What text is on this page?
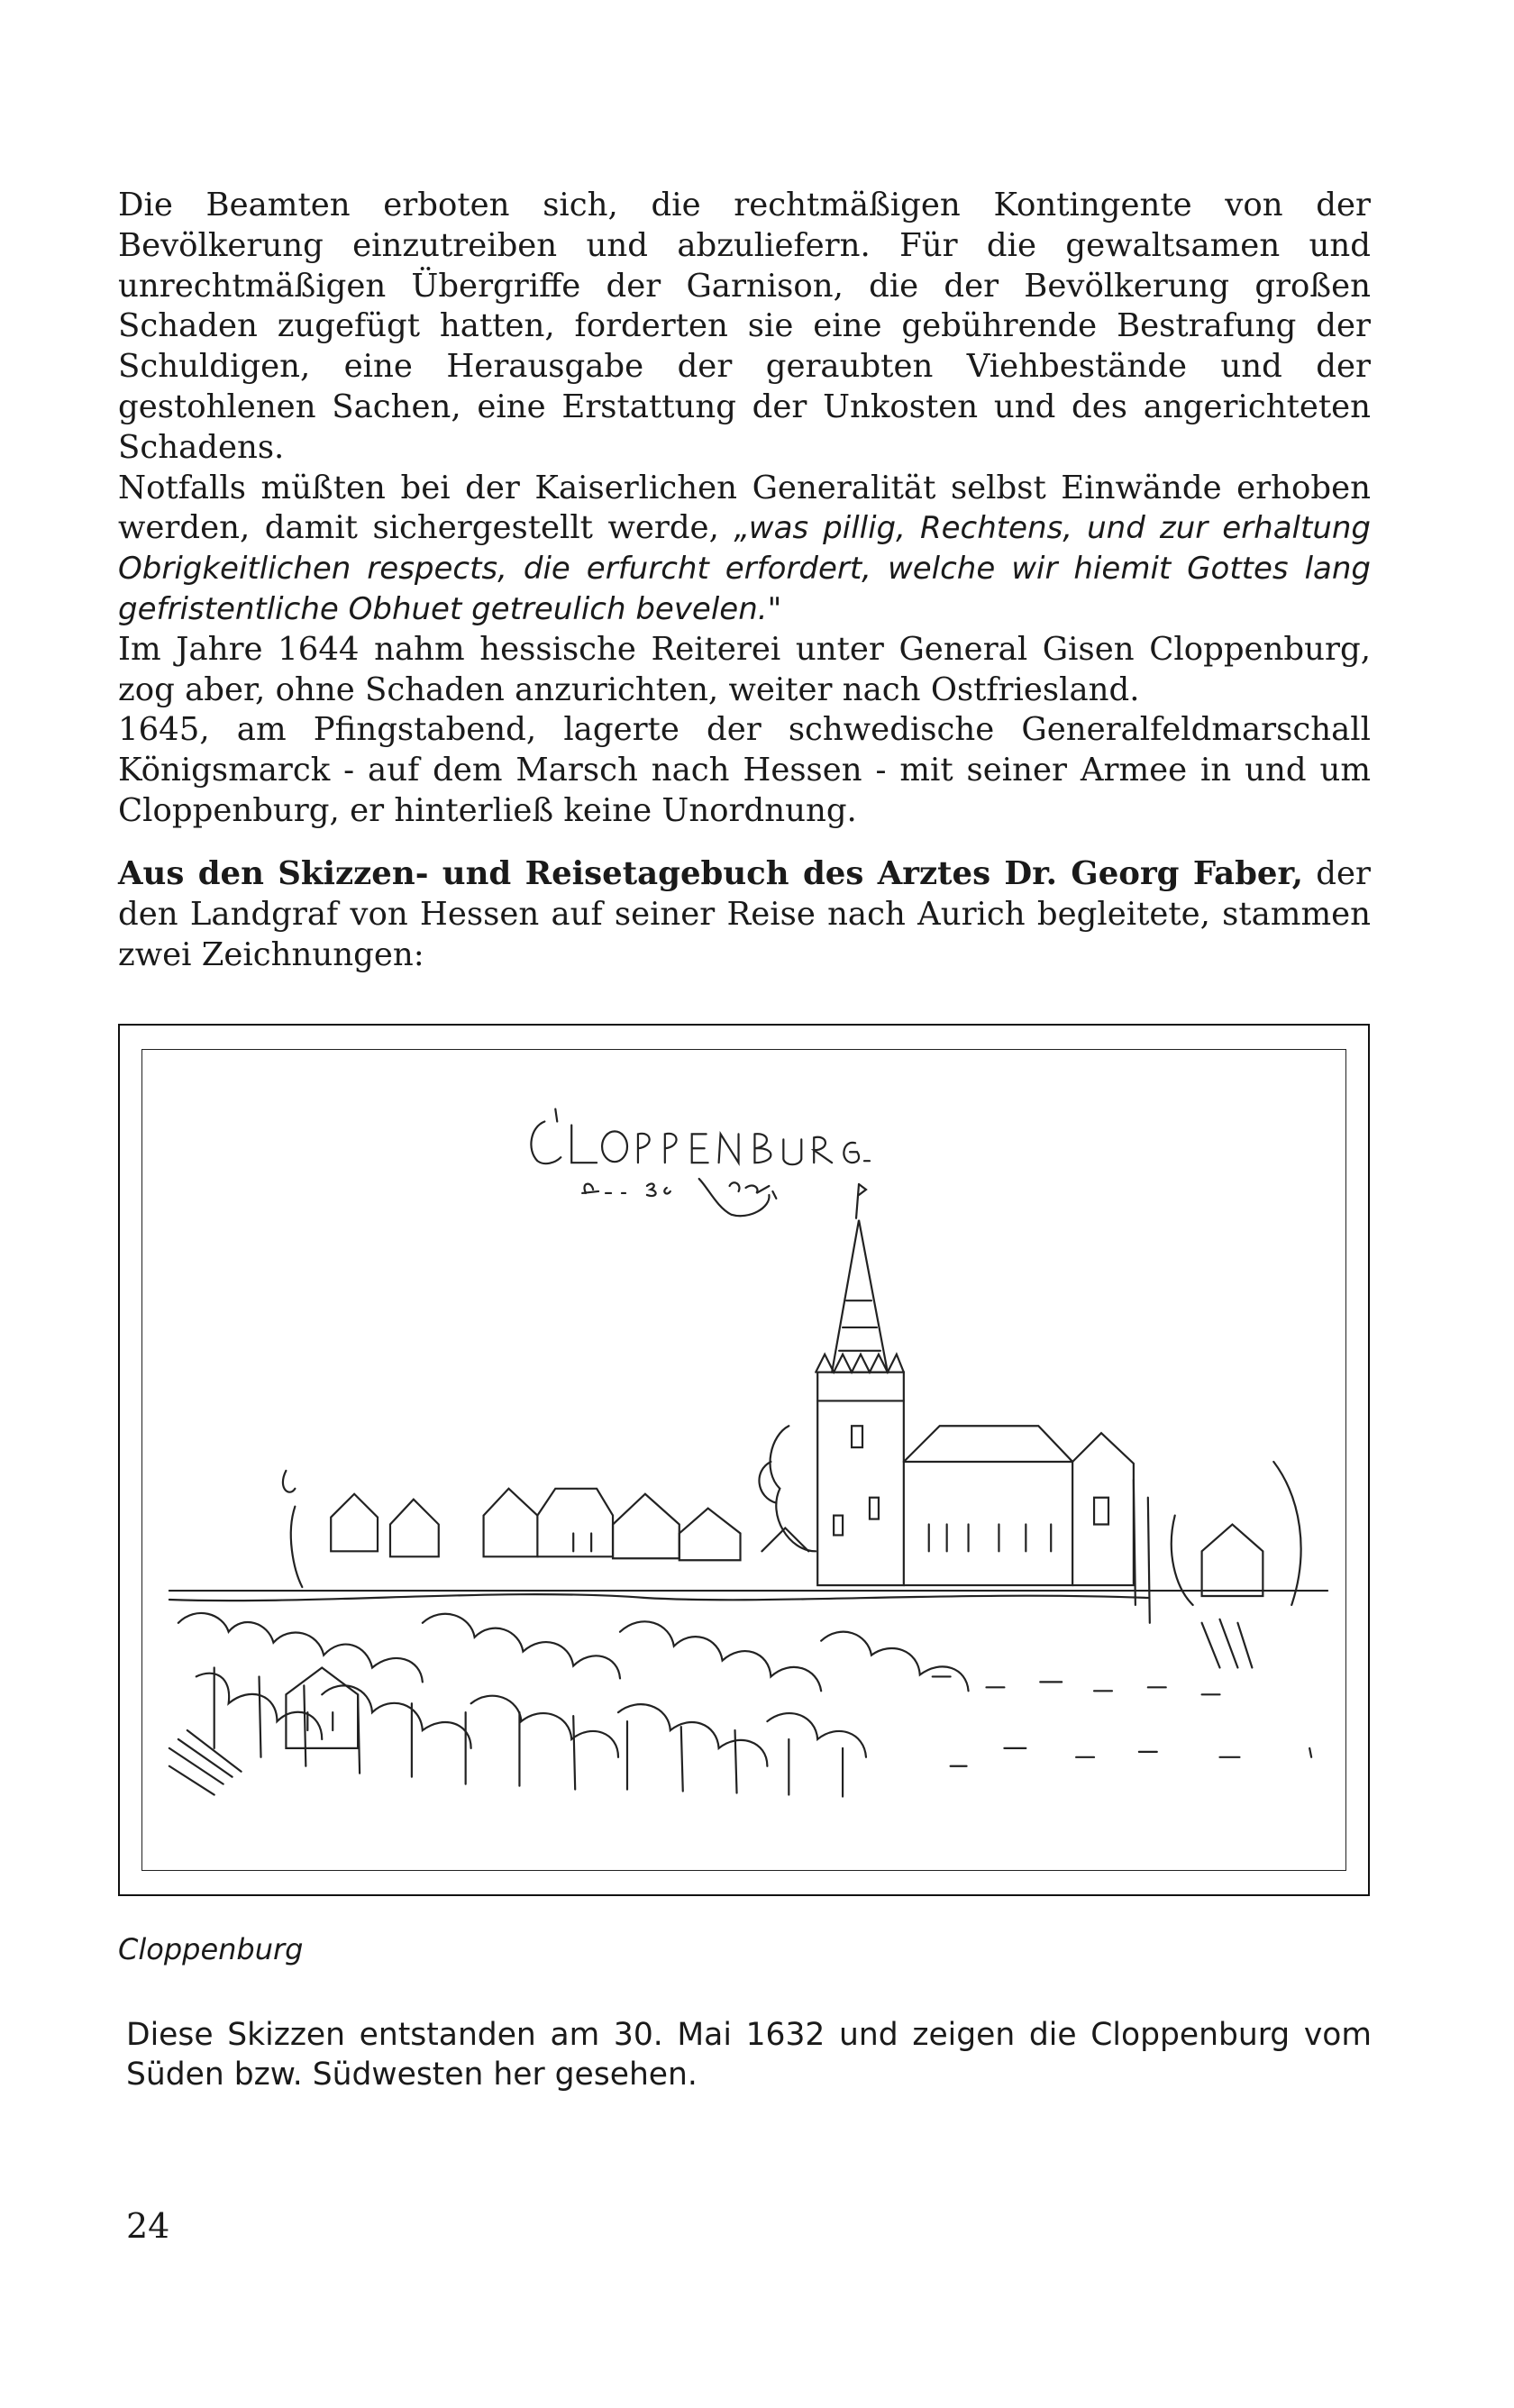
Die Beamten erboten sich, die rechtmäßigen Kontingente von der Bevölkerung einzutreiben und abzuliefern. Für die gewaltsamen und unrechtmäßigen Übergriffe der Garnison, die der Bevölkerung großen Schaden zugefügt hatten, forderten sie eine gebührende Bestrafung der Schuldigen, eine Herausgabe der geraubten Viehbestände und der gestohlenen Sachen, eine Erstattung der Unkosten und des angerichteten Schadens.

Notfalls müßten bei der Kaiserlichen Generalität selbst Einwände erhoben werden, damit sichergestellt werde, „was pillig, Rechtens, und zur erhaltung Obrigkeitlichen respects, die erfurcht erfordert, welche wir hiemit Gottes lang gefristentliche Obhuet getreulich bevelen."

Im Jahre 1644 nahm hessische Reiterei unter General Gisen Cloppenburg, zog aber, ohne Schaden anzurichten, weiter nach Ostfriesland.

1645, am Pfingstabend, lagerte der schwedische Generalfeldmarschall Königsmarck - auf dem Marsch nach Hessen - mit seiner Armee in und um Cloppenburg, er hinterließ keine Unordnung.

Aus den Skizzen- und Reisetagebuch des Arztes Dr. Georg Faber, der den Landgraf von Hessen auf seiner Reise nach Aurich begleitete, stammen zwei Zeichnungen:

Cloppenburg
Diese Skizzen entstanden am 30. Mai 1632 und zeigen die Cloppenburg vom Süden bzw. Südwesten her gesehen.
24
